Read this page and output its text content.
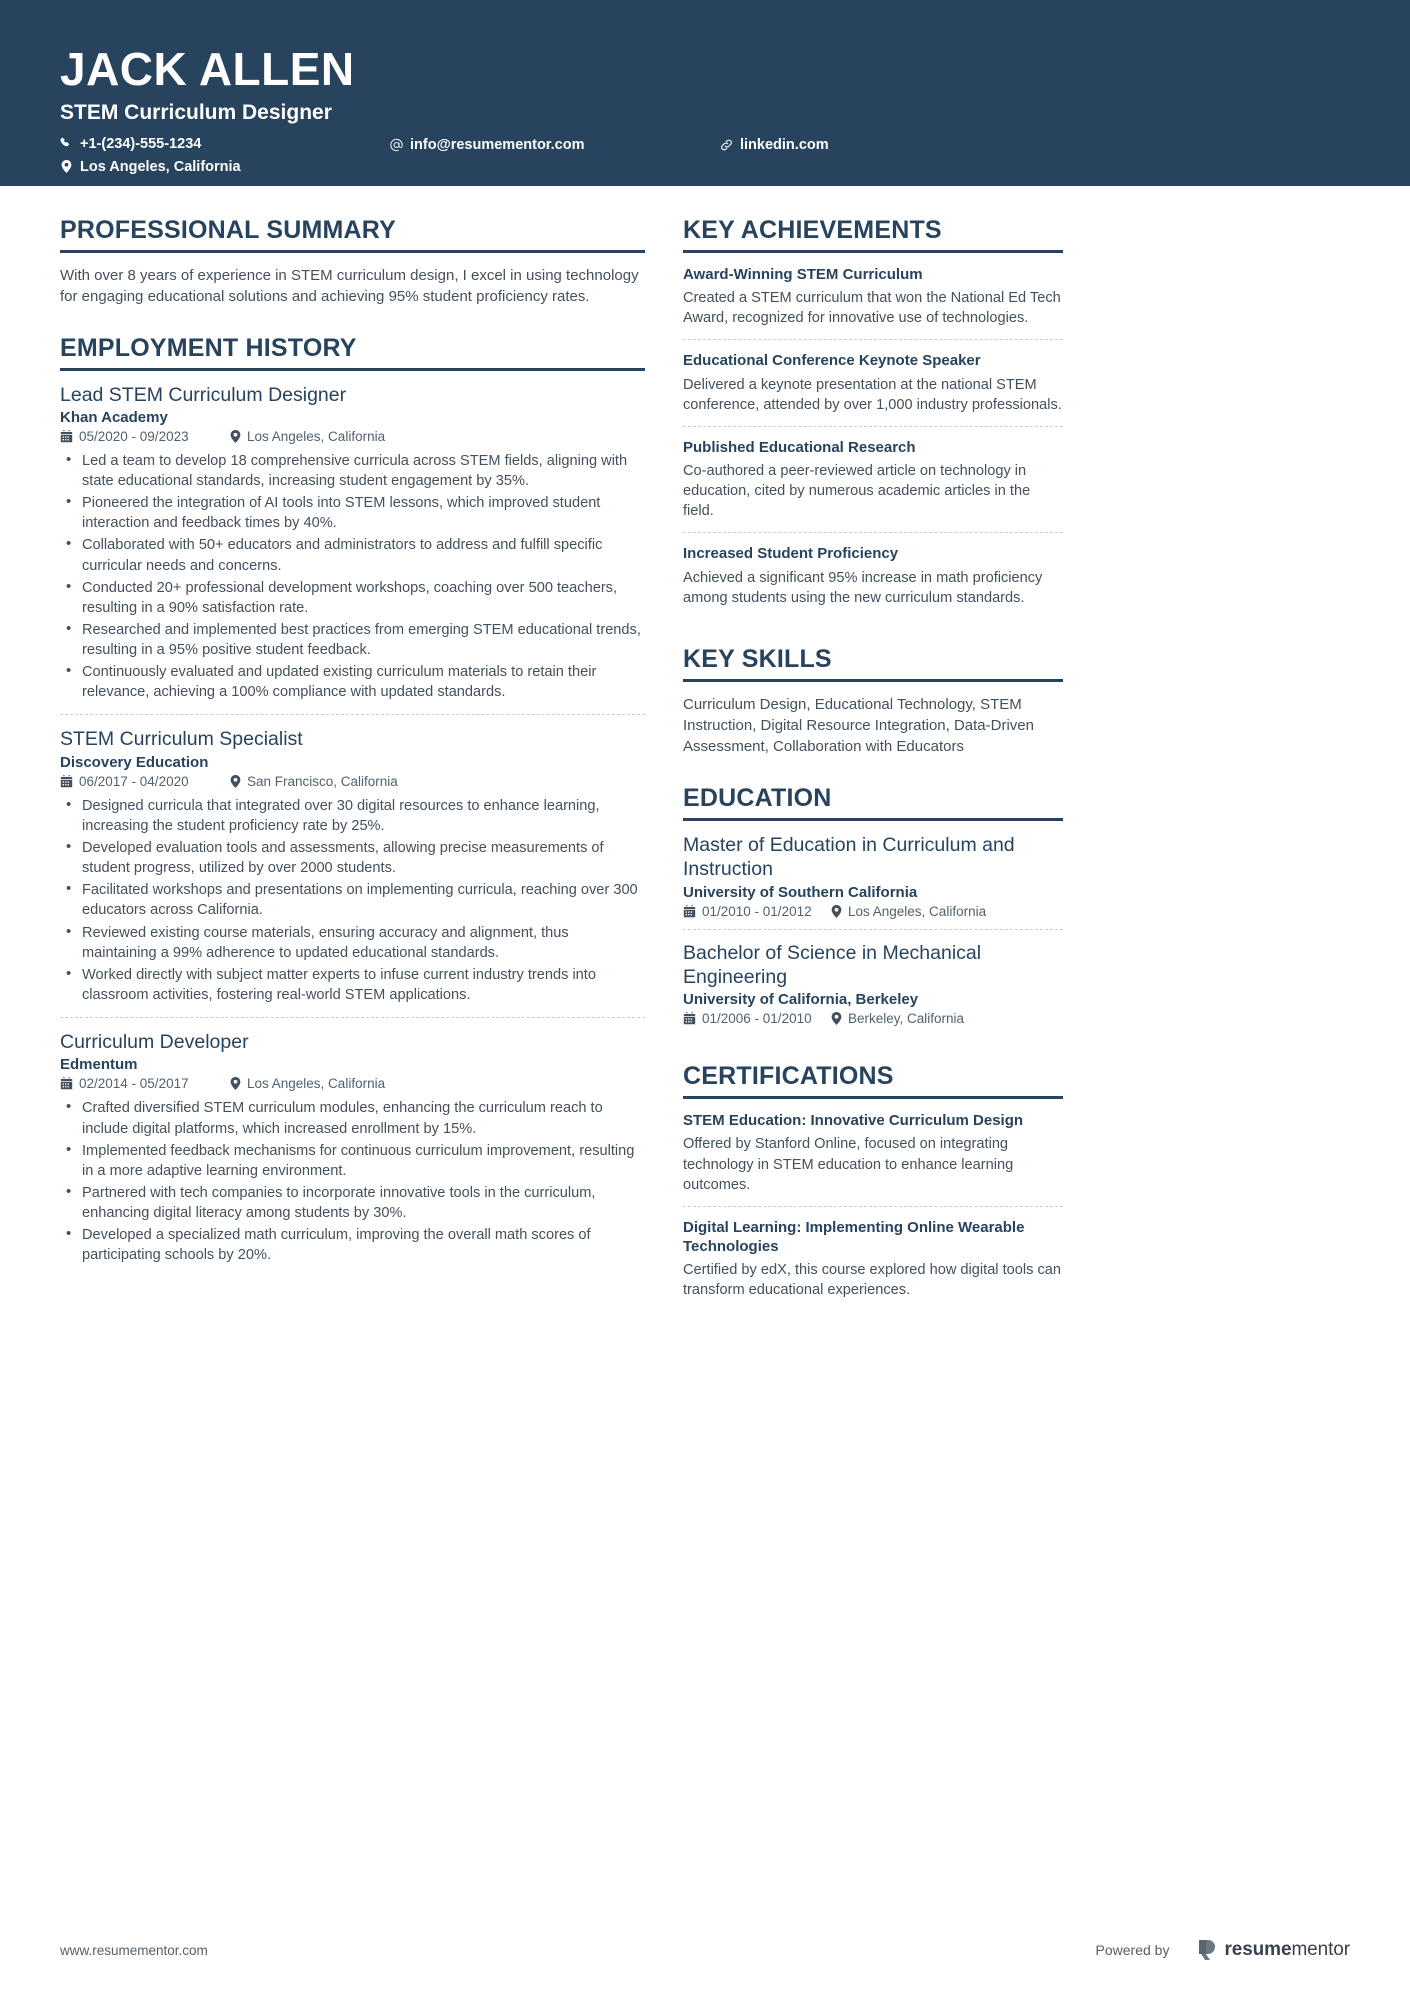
JACK ALLEN
STEM Curriculum Designer
+1-(234)-555-1234
Los Angeles, California
info@resumementor.com	linkedin.com
PROFESSIONAL SUMMARY
With over 8 years of experience in STEM curriculum design, I excel in using technology for engaging educational solutions and achieving 95% student proficiency rates.
EMPLOYMENT HISTORY
Lead STEM Curriculum Designer
Khan Academy
05/2020 - 09/2023	Los Angeles, California
• Led a team to develop 18 comprehensive curricula across STEM fields, aligning with state educational standards, increasing student engagement by 35%.
• Pioneered the integration of AI tools into STEM lessons, which improved student interaction and feedback times by 40%.
• Collaborated with 50+ educators and administrators to address and fulfill specific curricular needs and concerns.
• Conducted 20+ professional development workshops, coaching over 500 teachers, resulting in a 90% satisfaction rate.
• Researched and implemented best practices from emerging STEM educational trends, resulting in a 95% positive student feedback.
• Continuously evaluated and updated existing curriculum materials to retain their relevance, achieving a 100% compliance with updated standards.
STEM Curriculum Specialist
Discovery Education
06/2017 - 04/2020	San Francisco, California
• Designed curricula that integrated over 30 digital resources to enhance learning, increasing the student proficiency rate by 25%.
• Developed evaluation tools and assessments, allowing precise measurements of student progress, utilized by over 2000 students.
• Facilitated workshops and presentations on implementing curricula, reaching over 300 educators across California.
• Reviewed existing course materials, ensuring accuracy and alignment, thus maintaining a 99% adherence to updated educational standards.
• Worked directly with subject matter experts to infuse current industry trends into classroom activities, fostering real-world STEM applications.
Curriculum Developer
Edmentum
02/2014 - 05/2017	Los Angeles, California
• Crafted diversified STEM curriculum modules, enhancing the curriculum reach to include digital platforms, which increased enrollment by 15%.
• Implemented feedback mechanisms for continuous curriculum improvement, resulting in a more adaptive learning environment.
• Partnered with tech companies to incorporate innovative tools in the curriculum, enhancing digital literacy among students by 30%.
• Developed a specialized math curriculum, improving the overall math scores of participating schools by 20%.
KEY ACHIEVEMENTS
Award-Winning STEM Curriculum
Created a STEM curriculum that won the National Ed Tech Award, recognized for innovative use of technologies.
Educational Conference Keynote Speaker
Delivered a keynote presentation at the national STEM conference, attended by over 1,000 industry professionals.
Published Educational Research
Co-authored a peer-reviewed article on technology in education, cited by numerous academic articles in the field.
Increased Student Proficiency
Achieved a significant 95% increase in math proficiency among students using the new curriculum standards.
KEY SKILLS
Curriculum Design, Educational Technology, STEM Instruction, Digital Resource Integration, Data-Driven Assessment, Collaboration with Educators
EDUCATION
Master of Education in Curriculum and Instruction
University of Southern California
01/2010 - 01/2012	Los Angeles, California
Bachelor of Science in Mechanical Engineering
University of California, Berkeley
01/2006 - 01/2010	Berkeley, California
CERTIFICATIONS
STEM Education: Innovative Curriculum Design
Offered by Stanford Online, focused on integrating technology in STEM education to enhance learning outcomes.
Digital Learning: Implementing Online Wearable Technologies
Certified by edX, this course explored how digital tools can transform educational experiences.
www.resumementor.com	Powered by	resumementor
